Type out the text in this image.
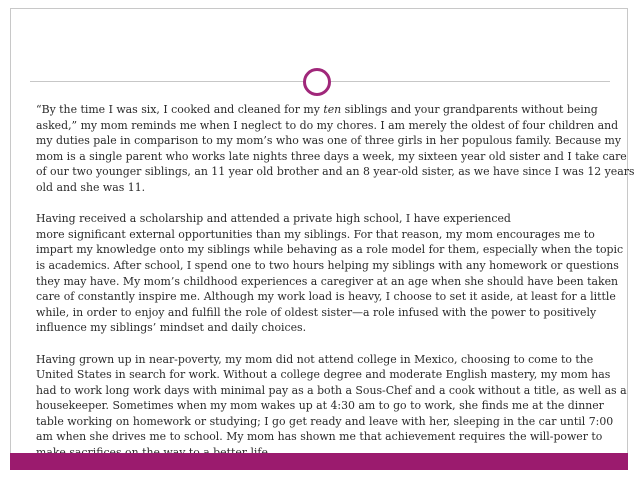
“By the time I was six, I cooked and cleaned for my ten siblings and your grandparents without being
asked,” my mom reminds me when I neglect to do my chores. I am merely the oldest of four children and
my duties pale in comparison to my mom’s who was one of three girls in her populous family. Because my
mom is a single parent who works late nights three days a week, my sixteen year old sister and I take care
of our two younger siblings, an 11 year old brother and an 8 year-old sister, as we have since I was 12 years
old and she was 11.

Having received a scholarship and attended a private high school, I have experienced
more significant external opportunities than my siblings. For that reason, my mom encourages me to
impart my knowledge onto my siblings while behaving as a role model for them, especially when the topic
is academics. After school, I spend one to two hours helping my siblings with any homework or questions
they may have. My mom’s childhood experiences a caregiver at an age when she should have been taken
care of constantly inspire me. Although my work load is heavy, I choose to set it aside, at least for a little
while, in order to enjoy and fulfill the role of oldest sister—a role infused with the power to positively
influence my siblings’ mindset and daily choices.

Having grown up in near-poverty, my mom did not attend college in Mexico, choosing to come to the
United States in search for work. Without a college degree and moderate English mastery, my mom has
had to work long work days with minimal pay as a both a Sous-Chef and a cook without a title, as well as a
housekeeper. Sometimes when my mom wakes up at 4:30 am to go to work, she finds me at the dinner
table working on homework or studying; I go get ready and leave with her, sleeping in the car until 7:00
am when she drives me to school. My mom has shown me that achievement requires the will-power to
